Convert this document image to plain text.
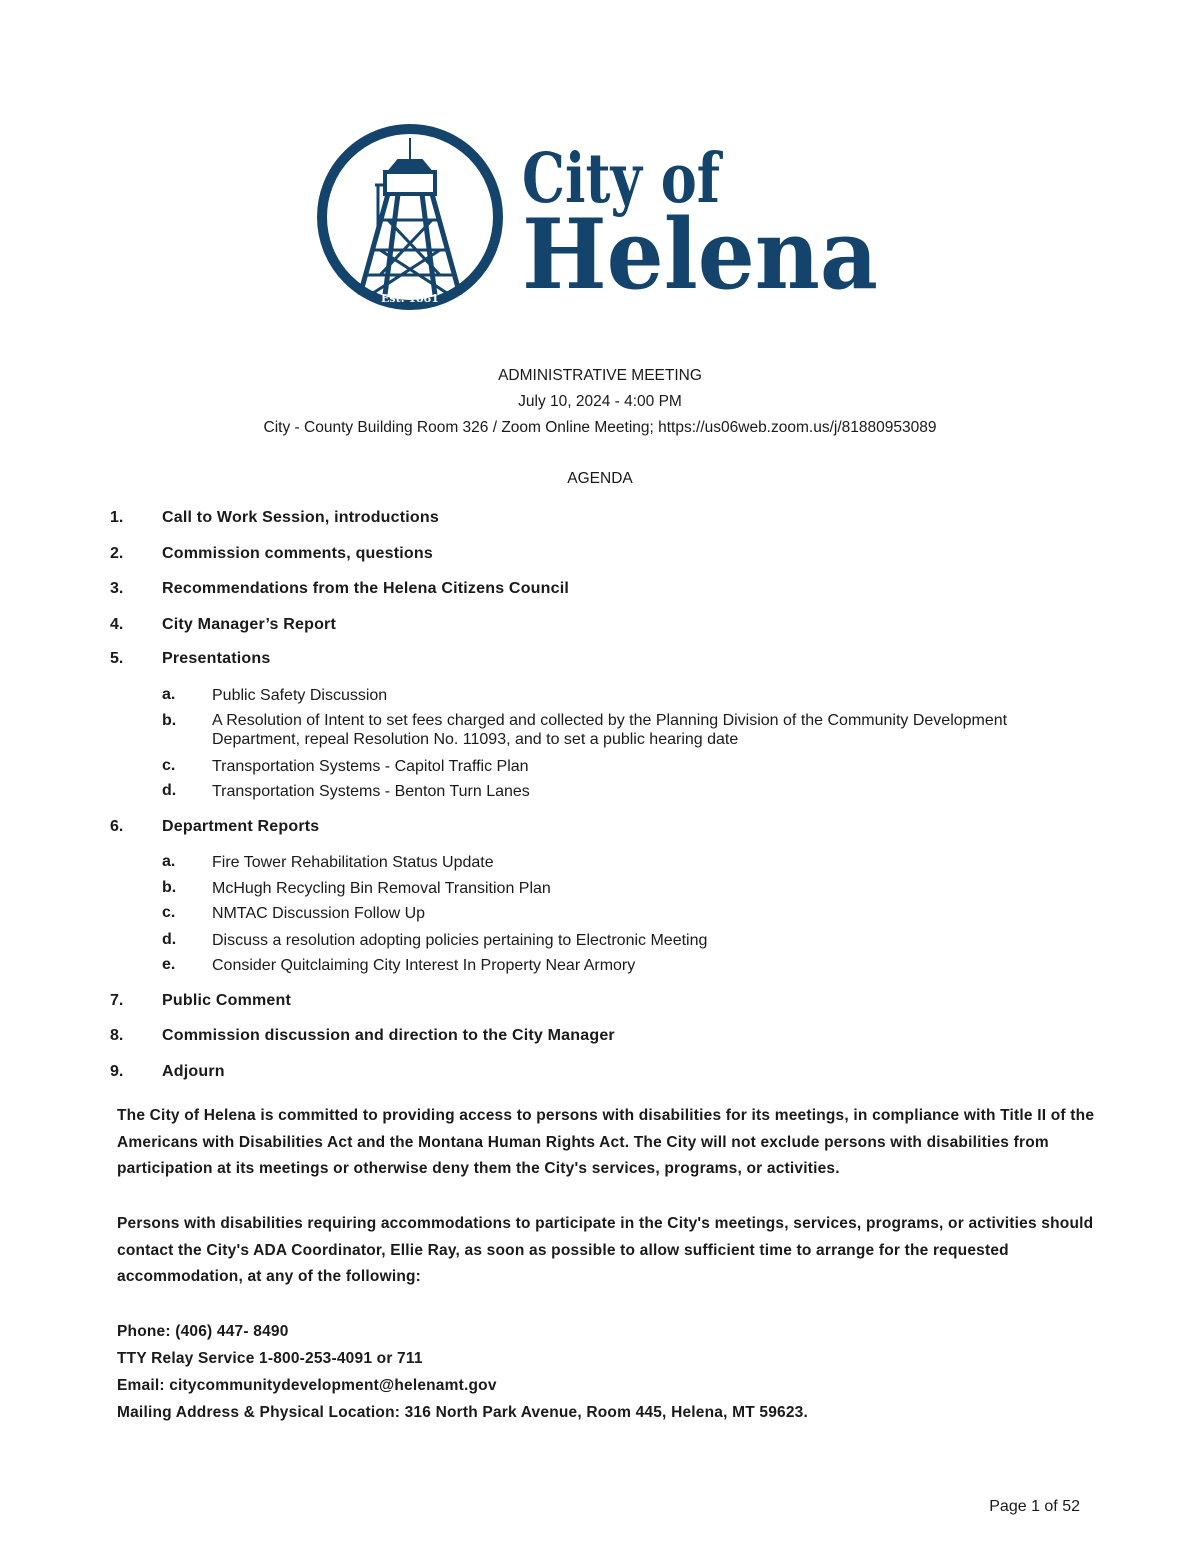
Est. 1881
City of
Helena
ADMINISTRATIVE MEETING
July 10, 2024 - 4:00 PM
City - County Building Room 326 / Zoom Online Meeting; https://us06web.zoom.us/j/81880953089
AGENDA
1. Call to Work Session, introductions
2. Commission comments, questions
3. Recommendations from the Helena Citizens Council
4. City Manager’s Report
5. Presentations
a. Public Safety Discussion
b. A Resolution of Intent to set fees charged and collected by the Planning Division of the Community Development Department, repeal Resolution No. 11093, and to set a public hearing date
c. Transportation Systems - Capitol Traffic Plan
d. Transportation Systems - Benton Turn Lanes
6. Department Reports
a. Fire Tower Rehabilitation Status Update
b. McHugh Recycling Bin Removal Transition Plan
c. NMTAC Discussion Follow Up
d. Discuss a resolution adopting policies pertaining to Electronic Meeting
e. Consider Quitclaiming City Interest In Property Near Armory
7. Public Comment
8. Commission discussion and direction to the City Manager
9. Adjourn
The City of Helena is committed to providing access to persons with disabilities for its meetings, in compliance with Title II of the Americans with Disabilities Act and the Montana Human Rights Act. The City will not exclude persons with disabilities from participation at its meetings or otherwise deny them the City's services, programs, or activities.
Persons with disabilities requiring accommodations to participate in the City's meetings, services, programs, or activities should contact the City's ADA Coordinator, Ellie Ray, as soon as possible to allow sufficient time to arrange for the requested accommodation, at any of the following:
Phone: (406) 447- 8490
TTY Relay Service 1-800-253-4091 or 711
Email: citycommunitydevelopment@helenamt.gov
Mailing Address & Physical Location: 316 North Park Avenue, Room 445, Helena, MT 59623.
Page 1 of 52
